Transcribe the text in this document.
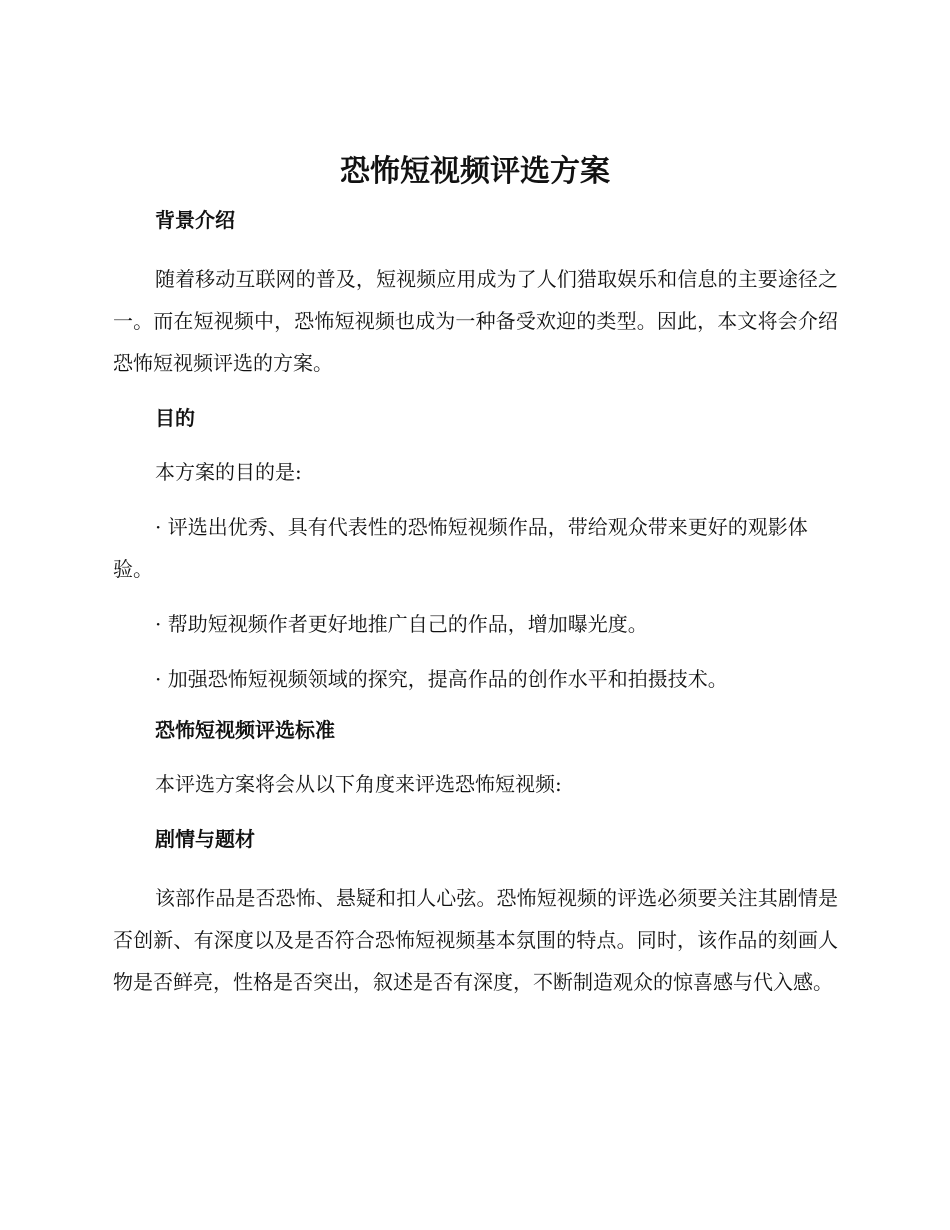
恐怖短视频评选方案
背景介绍

随着移动互联网的普及，短视频应用成为了人们猎取娱乐和信息的主要途径之一。而在短视频中，恐怖短视频也成为一种备受欢迎的类型。因此，本文将会介绍恐怖短视频评选的方案。

目的

本方案的目的是:

· 评选出优秀、具有代表性的恐怖短视频作品，带给观众带来更好的观影体验。

· 帮助短视频作者更好地推广自己的作品，增加曝光度。

· 加强恐怖短视频领域的探究，提高作品的创作水平和拍摄技术。

恐怖短视频评选标准

本评选方案将会从以下角度来评选恐怖短视频:

剧情与题材

该部作品是否恐怖、悬疑和扣人心弦。恐怖短视频的评选必须要关注其剧情是否创新、有深度以及是否符合恐怖短视频基本氛围的特点。同时，该作品的刻画人物是否鲜亮，性格是否突出，叙述是否有深度，不断制造观众的惊喜感与代入感。
